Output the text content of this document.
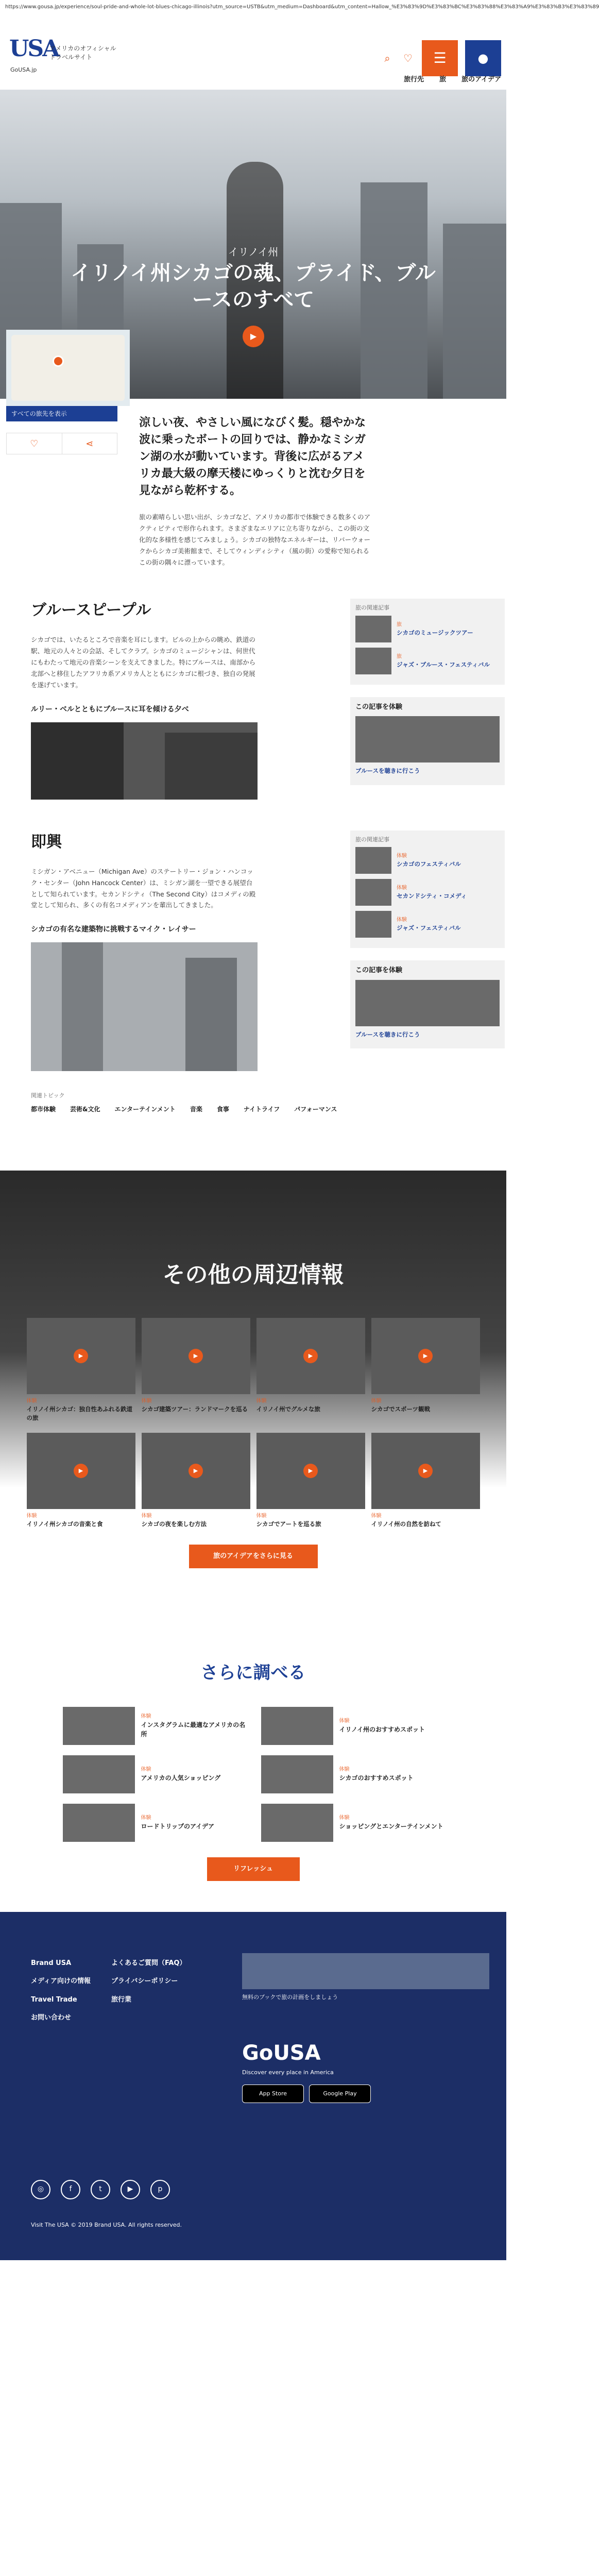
https://www.gousa.jp/experience/soul-pride-and-whole-lot-blues-chicago-illinois?utm_source=USTB&utm_medium=Dashboard&utm_content=Hallow_%E3%83%9D%E3%83%BC%E3%83%88%E3%83%A9%E3%83%B3%E3%83%89
USA
GoUSA.jp
アメリカのオフィシャル
トラベルサイト	⌕	♡	☰	●
旅行先 旅 旅のアイデア
イリノイ州
イリノイ州シカゴの魂、プライド、ブルースのすべて
▶
すべての旅先を表示
♡	⋖

涼しい夜、やさしい風になびく髪。穏やかな波に乗ったボートの回りでは、静かなミシガン湖の水が動いています。背後に広がるアメリカ最大級の摩天楼にゆっくりと沈む夕日を見ながら乾杯する。

旅の素晴らしい思い出が、シカゴなど、アメリカの都市で体験できる数多くのアクティビティで形作られます。さまざまなエリアに立ち寄りながら、この街の文化的な多様性を感じてみましょう。シカゴの独特なエネルギーは、リバーウォークからシカゴ美術館まで、そしてウィンディシティ（風の街）の愛称で知られるこの街の隅々に漂っています。

ブルースピープル

シカゴでは、いたるところで音楽を耳にします。ビルの上からの眺め、鉄道の駅、地元の人々との会話、そしてクラブ。シカゴのミュージシャンは、何世代にもわたって地元の音楽シーンを支えてきました。特にブルースは、南部から北部へと移住したアフリカ系アメリカ人とともにシカゴに根づき、独自の発展を遂げています。

ルリー・ベルとともにブルースに耳を傾ける夕べ

旅の関連記事
旅
シカゴのミュージックツアー
旅
ジャズ・ブルース・フェスティバル
この記事を体験
ブルースを聴きに行こう
即興

ミシガン・アベニュー（Michigan Ave）のステートリー・ジョン・ハンコック・センター（John Hancock Center）は、ミシガン湖を一望できる展望台として知られています。セカンドシティ（The Second City）はコメディの殿堂として知られ、多くの有名コメディアンを輩出してきました。

シカゴの有名な建築物に挑戦するマイク・レイサー

旅の関連記事
体験
シカゴのフェスティバル
体験
セカンドシティ・コメディ
体験
ジャズ・フェスティバル
この記事を体験
ブルースを聴きに行こう
関連トピック
都市体験 芸術&文化 エンターテインメント 音楽 食事 ナイトライフ パフォーマンス
その他の周辺情報
▶
体験
イリノイ州シカゴ：独自性あふれる鉄道の旅
▶
体験
シカゴ建築ツアー：ランドマークを巡る
▶
体験
イリノイ州でグルメな旅
▶
体験
シカゴでスポーツ観戦
▶
体験
イリノイ州シカゴの音楽と食
▶
体験
シカゴの夜を楽しむ方法
▶
体験
シカゴでアートを巡る旅
▶
体験
イリノイ州の自然を訪ねて
旅のアイデアをさらに見る
さらに調べる
体験
インスタグラムに最適なアメリカの名所
体験
イリノイ州のおすすめスポット
体験
アメリカの人気ショッピング
体験
シカゴのおすすめスポット
体験
ロードトリップのアイデア
体験
ショッピングとエンターテインメント
リフレッシュ
Brand USA
メディア向けの情報
Travel Trade
お問い合わせ
よくあるご質問（FAQ）
プライバシーポリシー
旅行業	無料のブックで旅の計画をしましょう
GoUSA
Discover every place in America
App Store	Google Play
◎	f	t	▶	p
Visit The USA © 2019 Brand USA. All rights reserved.
